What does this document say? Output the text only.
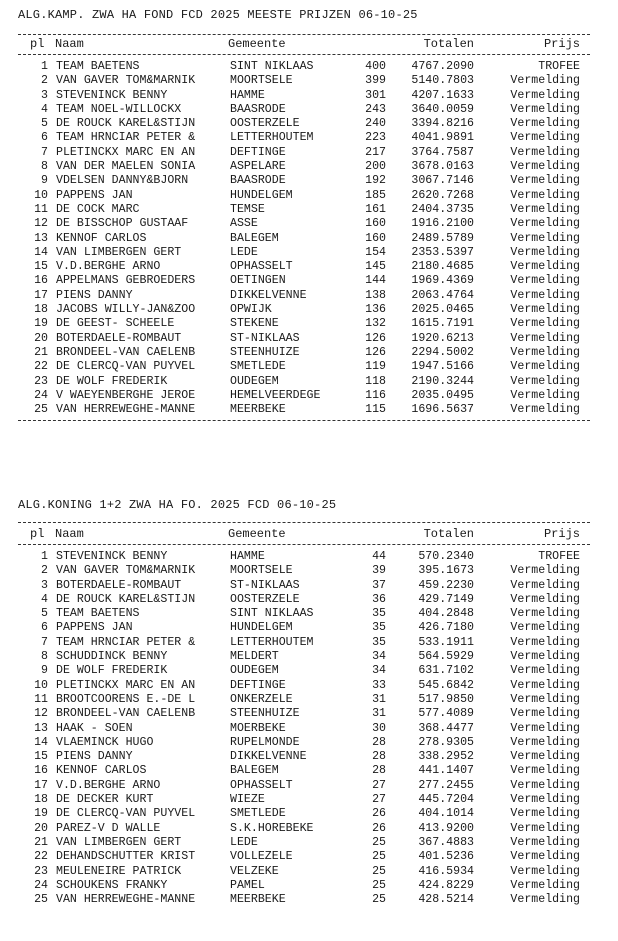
ALG.KAMP. ZWA HA FOND FCD 2025 MEESTE PRIJZEN 06-10-25
pl Naam	Gemeente	Totalen	Prijs
1 TEAM BAETENS	SINT NIKLAAS	400	4767.2090	TROFEE
2 VAN GAVER TOM&MARNIK	MOORTSELE	399	5140.7803	Vermelding
3 STEVENINCK BENNY	HAMME	301	4207.1633	Vermelding
4 TEAM NOEL-WILLOCKX	BAASRODE	243	3640.0059	Vermelding
5 DE ROUCK KAREL&STIJN	OOSTERZELE	240	3394.8216	Vermelding
6 TEAM HRNCIAR PETER &	LETTERHOUTEM	223	4041.9891	Vermelding
7 PLETINCKX MARC EN AN	DEFTINGE	217	3764.7587	Vermelding
8 VAN DER MAELEN SONIA	ASPELARE	200	3678.0163	Vermelding
9 VDELSEN DANNY&BJORN	BAASRODE	192	3067.7146	Vermelding
10 PAPPENS JAN	HUNDELGEM	185	2620.7268	Vermelding
11 DE COCK MARC	TEMSE	161	2404.3735	Vermelding
12 DE BISSCHOP GUSTAAF	ASSE	160	1916.2100	Vermelding
13 KENNOF CARLOS	BALEGEM	160	2489.5789	Vermelding
14 VAN LIMBERGEN GERT	LEDE	154	2353.5397	Vermelding
15 V.D.BERGHE ARNO	OPHASSELT	145	2180.4685	Vermelding
16 APPELMANS GEBROEDERS	OETINGEN	144	1969.4369	Vermelding
17 PIENS DANNY	DIKKELVENNE	138	2063.4764	Vermelding
18 JACOBS WILLY-JAN&ZOO	OPWIJK	136	2025.0465	Vermelding
19 DE GEEST- SCHEELE	STEKENE	132	1615.7191	Vermelding
20 BOTERDAELE-ROMBAUT	ST-NIKLAAS	126	1920.6213	Vermelding
21 BRONDEEL-VAN CAELENB	STEENHUIZE	126	2294.5002	Vermelding
22 DE CLERCQ-VAN PUYVEL	SMETLEDE	119	1947.5166	Vermelding
23 DE WOLF FREDERIK	OUDEGEM	118	2190.3244	Vermelding
24 V WAEYENBERGHE JEROE	HEMELVEERDEGE	116	2035.0495	Vermelding
25 VAN HERREWEGHE-MANNE	MEERBEKE	115	1696.5637	Vermelding
ALG.KONING 1+2 ZWA HA FO. 2025 FCD 06-10-25
pl Naam	Gemeente	Totalen	Prijs
1 STEVENINCK BENNY	HAMME	44	570.2340	TROFEE
2 VAN GAVER TOM&MARNIK	MOORTSELE	39	395.1673	Vermelding
3 BOTERDAELE-ROMBAUT	ST-NIKLAAS	37	459.2230	Vermelding
4 DE ROUCK KAREL&STIJN	OOSTERZELE	36	429.7149	Vermelding
5 TEAM BAETENS	SINT NIKLAAS	35	404.2848	Vermelding
6 PAPPENS JAN	HUNDELGEM	35	426.7180	Vermelding
7 TEAM HRNCIAR PETER &	LETTERHOUTEM	35	533.1911	Vermelding
8 SCHUDDINCK BENNY	MELDERT	34	564.5929	Vermelding
9 DE WOLF FREDERIK	OUDEGEM	34	631.7102	Vermelding
10 PLETINCKX MARC EN AN	DEFTINGE	33	545.6842	Vermelding
11 BROOTCOORENS E.-DE L	ONKERZELE	31	517.9850	Vermelding
12 BRONDEEL-VAN CAELENB	STEENHUIZE	31	577.4089	Vermelding
13 HAAK - SOEN	MOERBEKE	30	368.4477	Vermelding
14 VLAEMINCK HUGO	RUPELMONDE	28	278.9305	Vermelding
15 PIENS DANNY	DIKKELVENNE	28	338.2952	Vermelding
16 KENNOF CARLOS	BALEGEM	28	441.1407	Vermelding
17 V.D.BERGHE ARNO	OPHASSELT	27	277.2455	Vermelding
18 DE DECKER KURT	WIEZE	27	445.7204	Vermelding
19 DE CLERCQ-VAN PUYVEL	SMETLEDE	26	404.1014	Vermelding
20 PAREZ-V D WALLE	S.K.HOREBEKE	26	413.9200	Vermelding
21 VAN LIMBERGEN GERT	LEDE	25	367.4883	Vermelding
22 DEHANDSCHUTTER KRIST	VOLLEZELE	25	401.5236	Vermelding
23 MEULENEIRE PATRICK	VELZEKE	25	416.5934	Vermelding
24 SCHOUKENS FRANKY	PAMEL	25	424.8229	Vermelding
25 VAN HERREWEGHE-MANNE	MEERBEKE	25	428.5214	Vermelding
